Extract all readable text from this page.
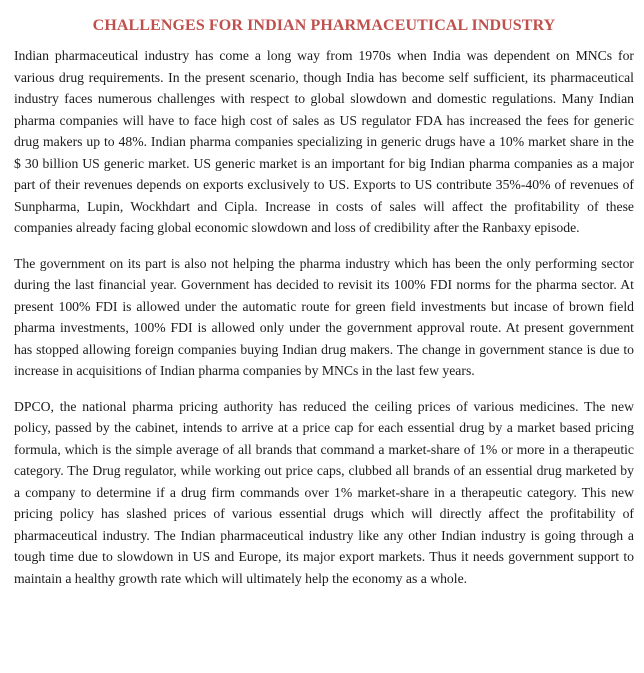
CHALLENGES FOR INDIAN PHARMACEUTICAL INDUSTRY

Indian pharmaceutical industry has come a long way from 1970s when India was dependent on MNCs for various drug requirements. In the present scenario, though India has become self sufficient, its pharmaceutical industry faces numerous challenges with respect to global slowdown and domestic regulations. Many Indian pharma companies will have to face high cost of sales as US regulator FDA has increased the fees for generic drug makers up to 48%. Indian pharma companies specializing in generic drugs have a 10% market share in the $ 30 billion US generic market. US generic market is an important for big Indian pharma companies as a major part of their revenues depends on exports exclusively to US. Exports to US contribute 35%-40% of revenues of Sunpharma, Lupin, Wockhdart and Cipla. Increase in costs of sales will affect the profitability of these companies already facing global economic slowdown and loss of credibility after the Ranbaxy episode.

The government on its part is also not helping the pharma industry which has been the only performing sector during the last financial year. Government has decided to revisit its 100% FDI norms for the pharma sector. At present 100% FDI is allowed under the automatic route for green field investments but incase of brown field pharma investments, 100% FDI is allowed only under the government approval route. At present government has stopped allowing foreign companies buying Indian drug makers. The change in government stance is due to increase in acquisitions of Indian pharma companies by MNCs in the last few years.

DPCO, the national pharma pricing authority has reduced the ceiling prices of various medicines. The new policy, passed by the cabinet, intends to arrive at a price cap for each essential drug by a market based pricing formula, which is the simple average of all brands that command a market-share of 1% or more in a therapeutic category. The Drug regulator, while working out price caps, clubbed all brands of an essential drug marketed by a company to determine if a drug firm commands over 1% market-share in a therapeutic category. This new pricing policy has slashed prices of various essential drugs which will directly affect the profitability of pharmaceutical industry. The Indian pharmaceutical industry like any other Indian industry is going through a tough time due to slowdown in US and Europe, its major export markets. Thus it needs government support to maintain a healthy growth rate which will ultimately help the economy as a whole.
